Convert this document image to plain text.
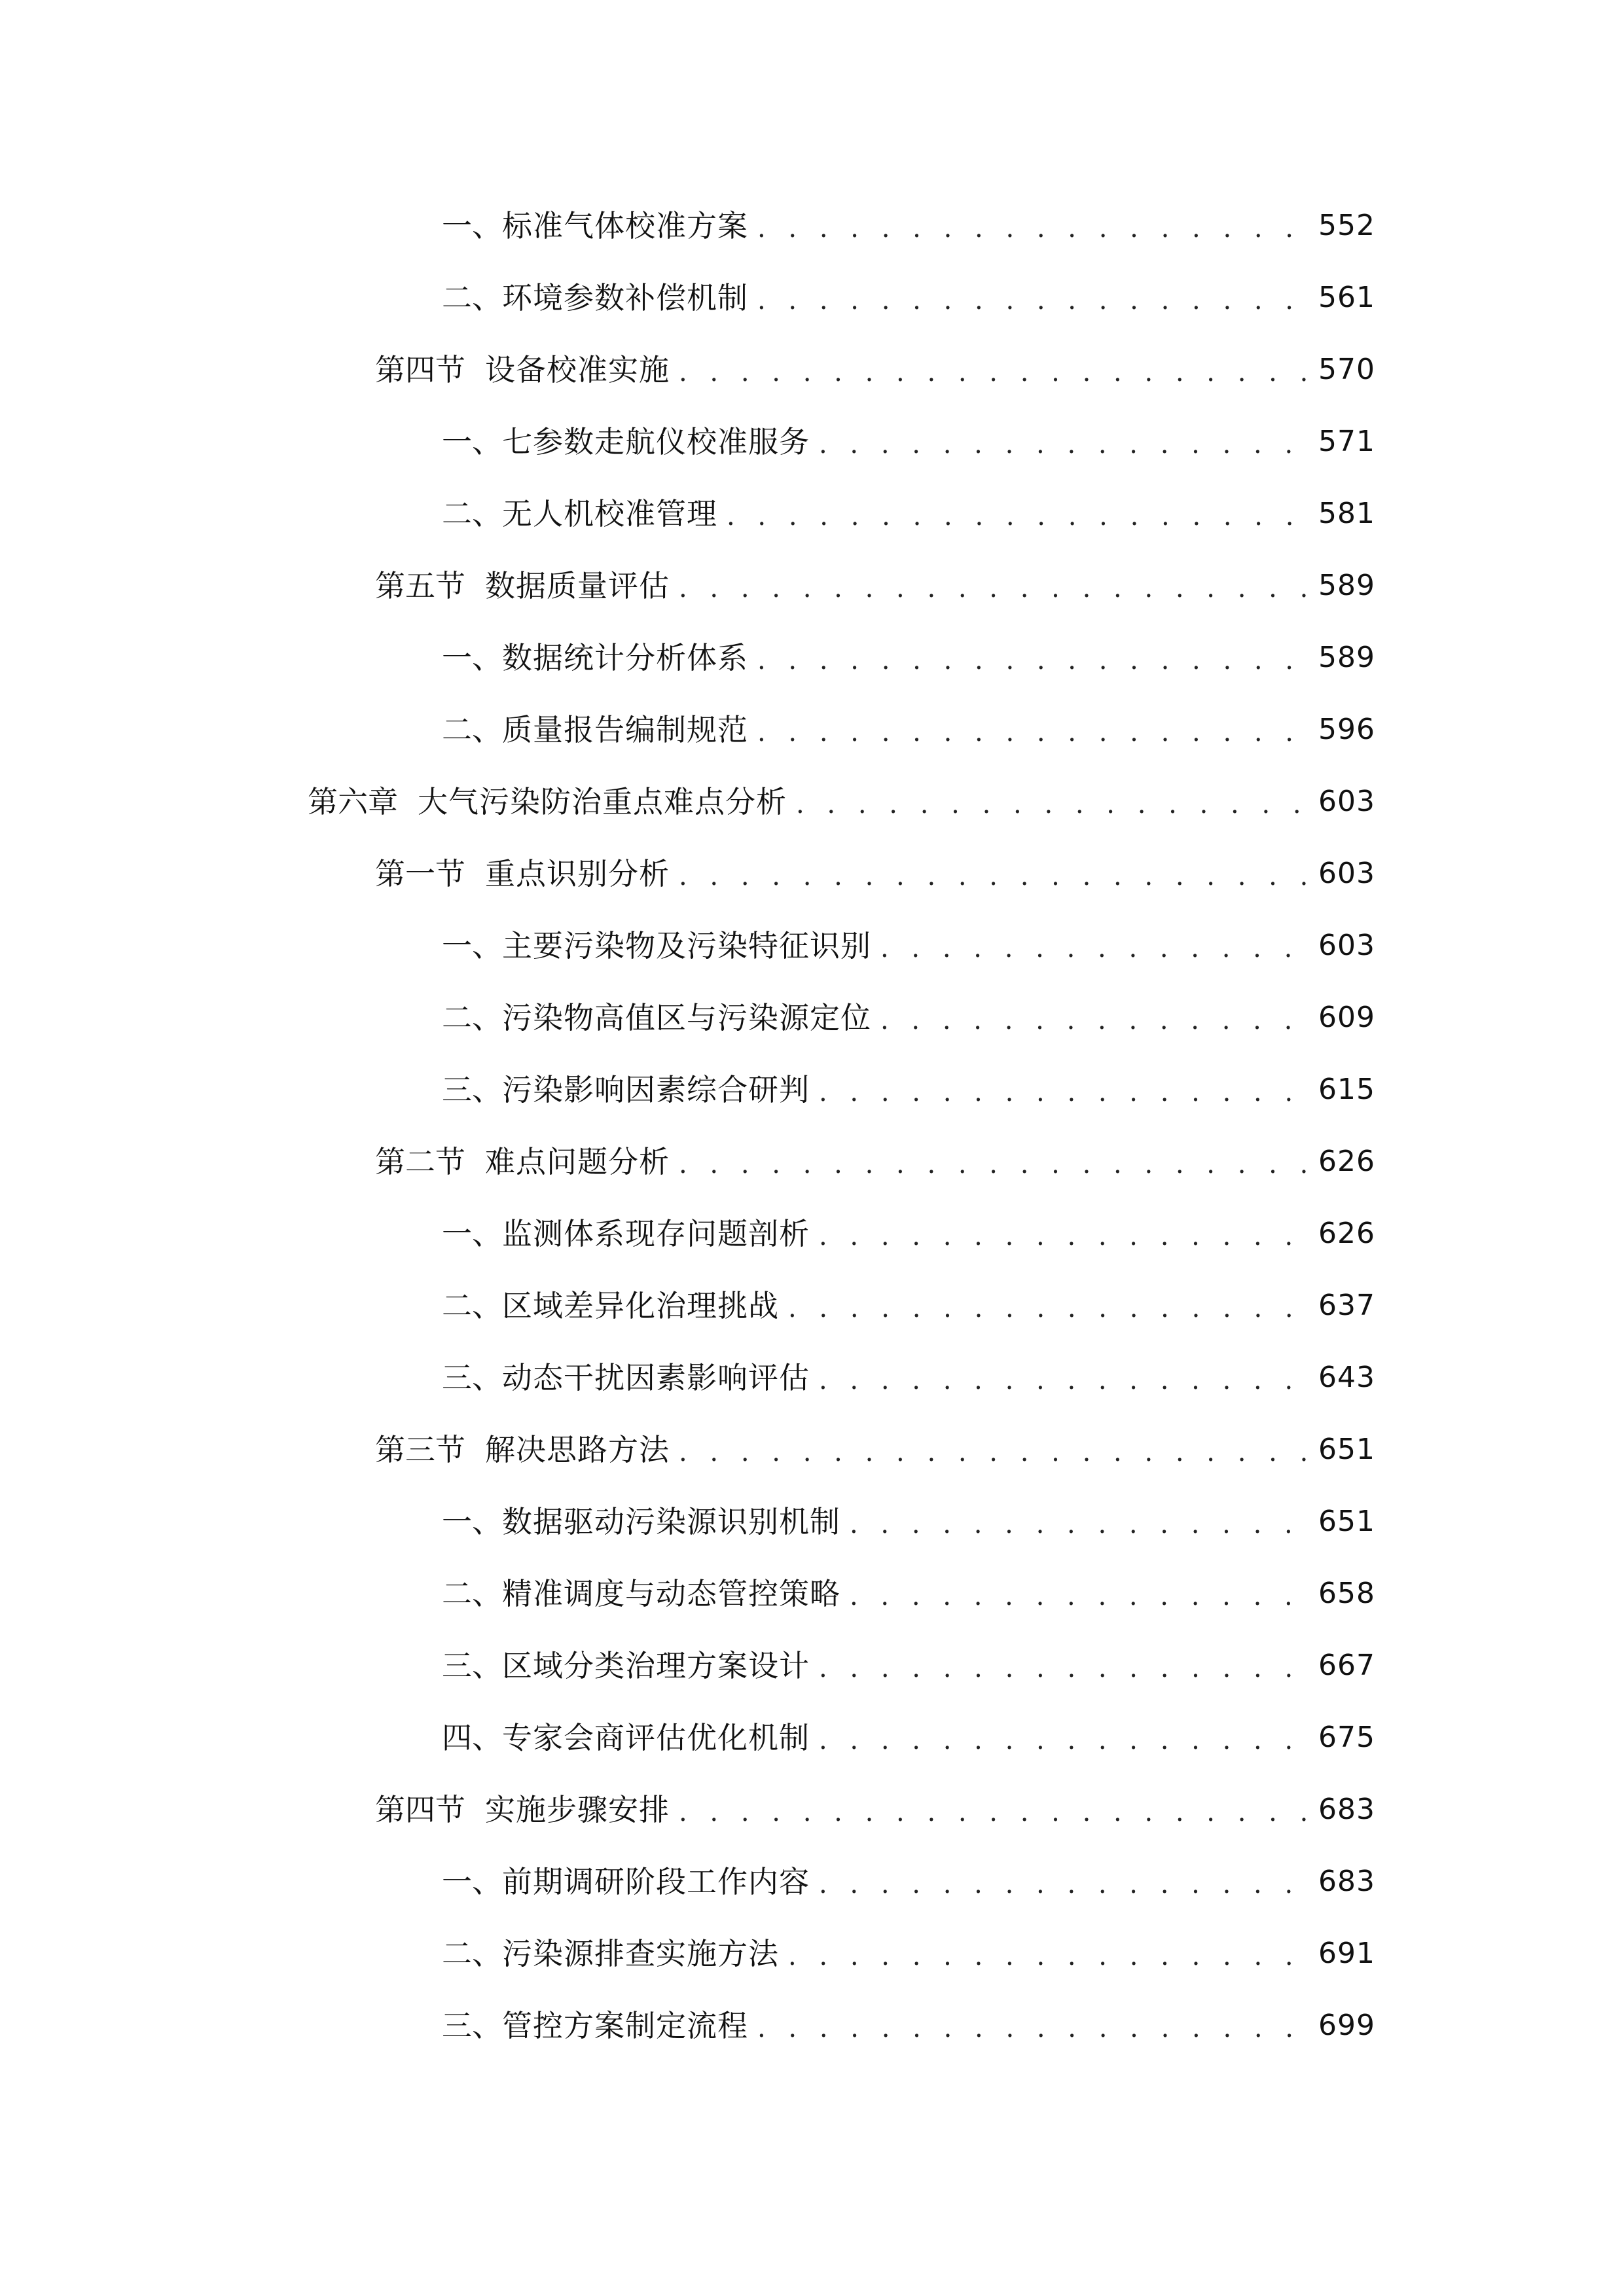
一、 标准气体校准方案 . . .	552
二、 环境参数补偿机制 . . .	561
第四节 设备校准实施 . . .	570
一、 七参数走航仪校准服务 . . .	571
二、 无人机校准管理 . . .	581
第五节 数据质量评估 . . .	589
一、 数据统计分析体系 . . .	589
二、 质量报告编制规范 . . .	596
第六章 大气污染防治重点难点分析 . . .	603
第一节 重点识别分析 . . .	603
一、 主要污染物及污染特征识别 . . .	603
二、 污染物高值区与污染源定位 . . .	609
三、 污染影响因素综合研判 . . .	615
第二节 难点问题分析 . . .	626
一、 监测体系现存问题剖析 . . .	626
二、 区域差异化治理挑战 . . .	637
三、 动态干扰因素影响评估 . . .	643
第三节 解决思路方法 . . .	651
一、 数据驱动污染源识别机制 . . .	651
二、 精准调度与动态管控策略 . . .	658
三、 区域分类治理方案设计 . . .	667
四、 专家会商评估优化机制 . . .	675
第四节 实施步骤安排 . . .	683
一、 前期调研阶段工作内容 . . .	683
二、 污染源排查实施方法 . . .	691
三、 管控方案制定流程 . . .	699
